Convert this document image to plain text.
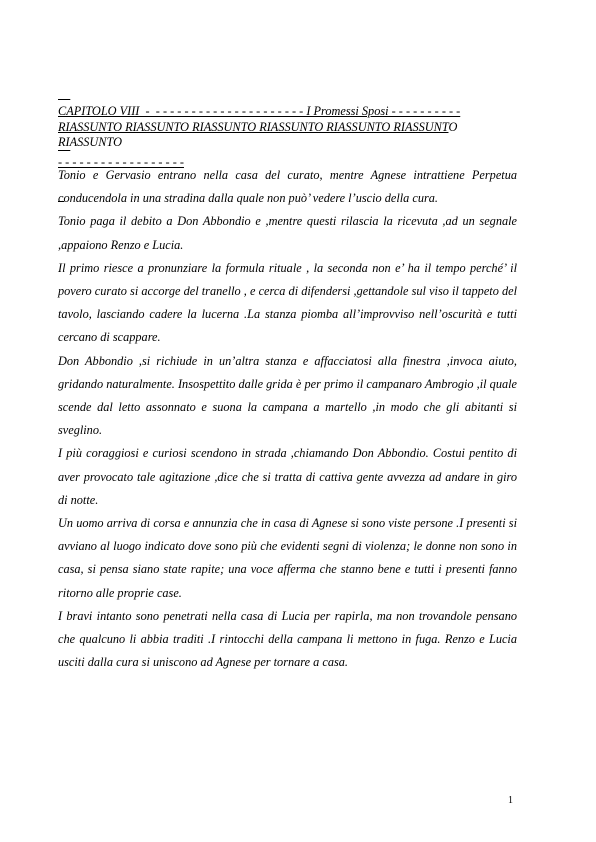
CAPITOLO VIII  -  - - - - - - - - - - - - - - - - - - - - - I Promessi Sposi - - - - - - - - - -

- - - - - - - - - - - - - - - - - -

RIASSUNTO RIASSUNTO RIASSUNTO RIASSUNTO RIASSUNTO RIASSUNTO
RIASSUNTO

Tonio e Gervasio entrano nella casa del curato, mentre Agnese intrattiene Perpetua conducendola in una stradina dalla quale non può’ vedere l’uscio della cura.

Tonio paga il debito a Don Abbondio e ,mentre questi rilascia la ricevuta ,ad un segnale ,appaiono Renzo e Lucia.

Il primo riesce a pronunziare la formula rituale , la seconda non e’ ha il tempo perché’ il povero curato si accorge del tranello , e cerca di difendersi ,gettandole sul viso il tappeto del tavolo, lasciando cadere la lucerna .La stanza piomba all’improvviso nell’oscurità e tutti cercano di scappare.

Don Abbondio ,si richiude in un’altra stanza e affacciatosi alla finestra ,invoca aiuto, gridando naturalmente. Insospettito dalle grida è per primo il campanaro Ambrogio ,il quale scende dal letto assonnato e suona la campana a martello ,in modo che gli abitanti si sveglino.

I più coraggiosi e curiosi scendono in strada ,chiamando Don Abbondio. Costui pentito di aver provocato tale agitazione ,dice che si tratta di cattiva gente avvezza ad andare in giro di notte.

Un uomo arriva di corsa e annunzia che in casa di Agnese si sono viste persone .I presenti si avviano al luogo indicato dove sono più che evidenti segni di violenza; le donne non sono in casa, si pensa siano state rapite; una voce afferma che stanno bene e tutti i presenti fanno ritorno alle proprie case.

I bravi intanto sono penetrati nella casa di Lucia per rapirla, ma non trovandole pensano che qualcuno li abbia traditi .I rintocchi della campana li mettono in fuga. Renzo e Lucia usciti dalla cura si uniscono ad Agnese per tornare a casa.

1
